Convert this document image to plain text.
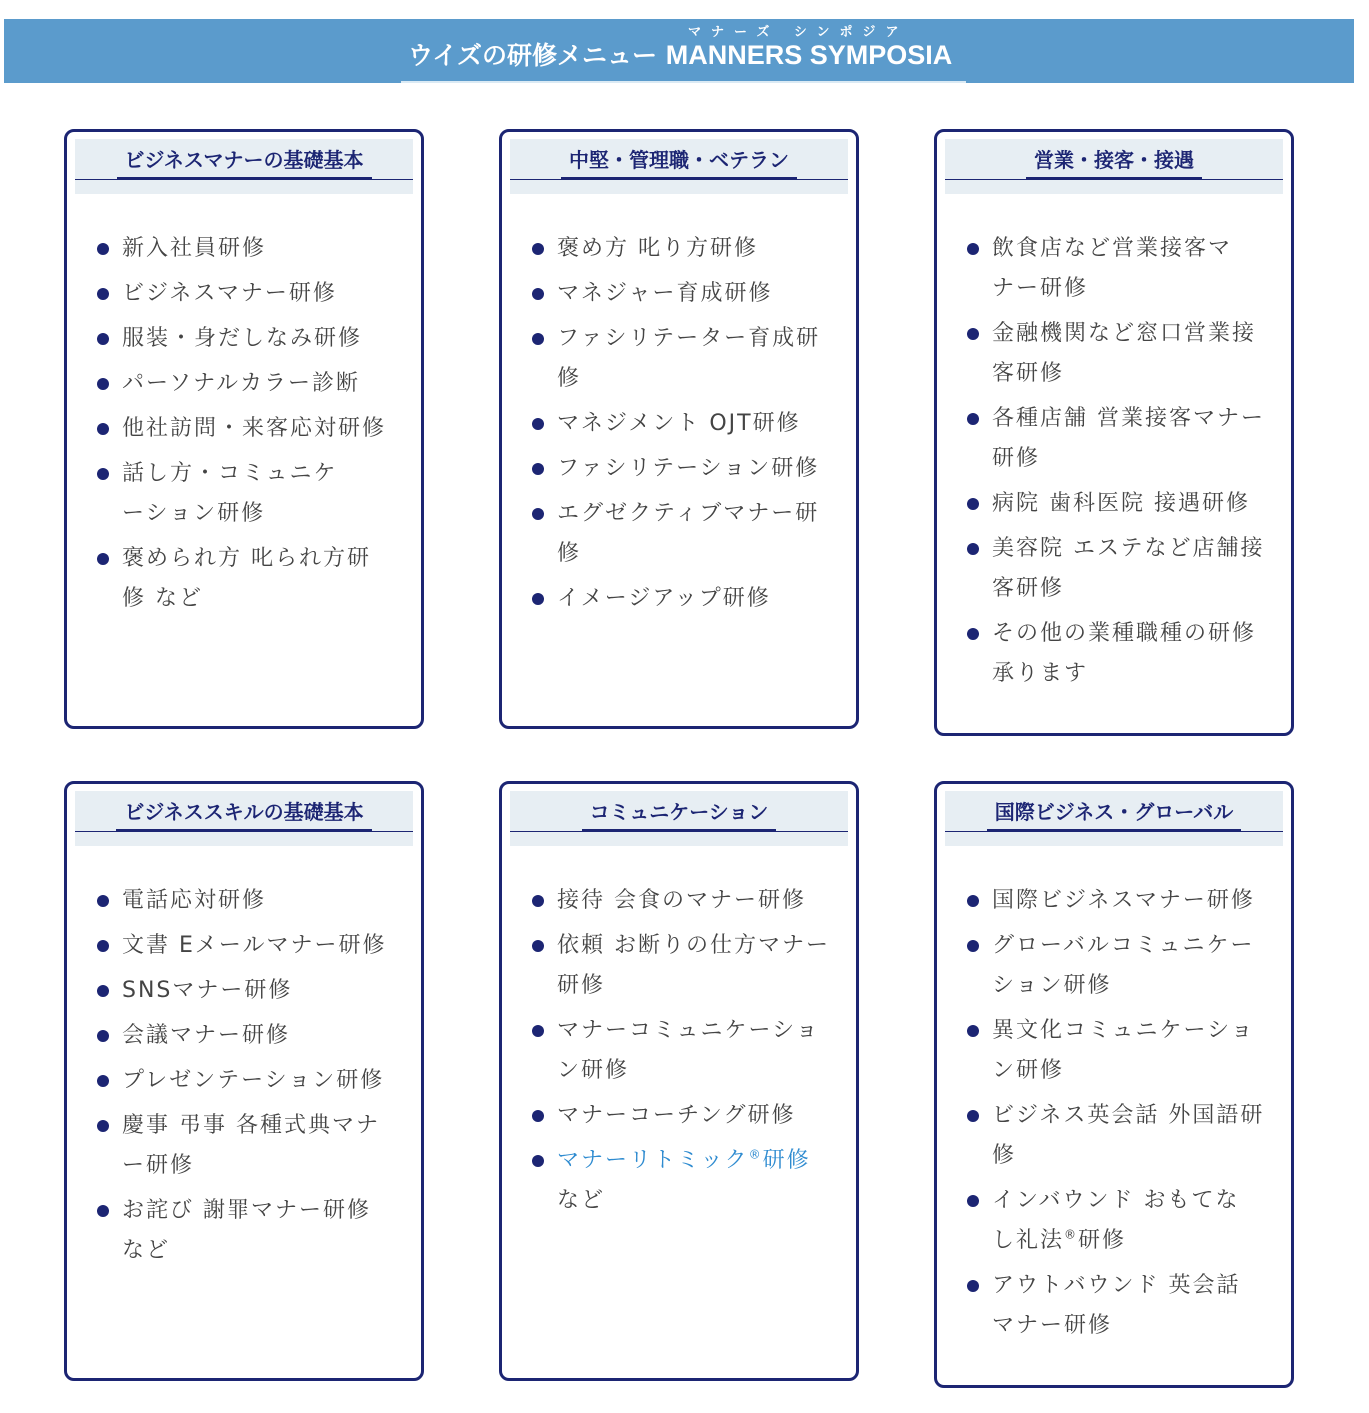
マナーズ シンポジア
ウイズの研修メニュー MANNERS SYMPOSIA
ビジネスマナーの基礎基本
新入社員研修
ビジネスマナー研修
服装・身だしなみ研修
パーソナルカラー診断
他社訪問・来客応対研修
話し方・コミュニケーション研修
褒められ方 叱られ方研修 など
中堅・管理職・ベテラン
褒め方 叱り方研修
マネジャー育成研修
ファシリテーター育成研修
マネジメント OJT研修
ファシリテーション研修
エグゼクティブマナー研修
イメージアップ研修
営業・接客・接遇
飲食店など営業接客マナー研修
金融機関など窓口営業接客研修
各種店舗 営業接客マナー研修
病院 歯科医院 接遇研修
美容院 エステなど店舗接客研修
その他の業種職種の研修承ります
ビジネススキルの基礎基本
電話応対研修
文書 Eメールマナー研修
SNSマナー研修
会議マナー研修
プレゼンテーション研修
慶事 弔事 各種式典マナー研修
お詫び 謝罪マナー研修 など
コミュニケーション
接待 会食のマナー研修
依頼 お断りの仕方マナー研修
マナーコミュニケーション研修
マナーコーチング研修
マナーリトミック®研修
など
国際ビジネス・グローバル
国際ビジネスマナー研修
グローバルコミュニケーション研修
異文化コミュニケーション研修
ビジネス英会話 外国語研修
インバウンド おもてなし礼法®研修
アウトバウンド 英会話マナー研修
